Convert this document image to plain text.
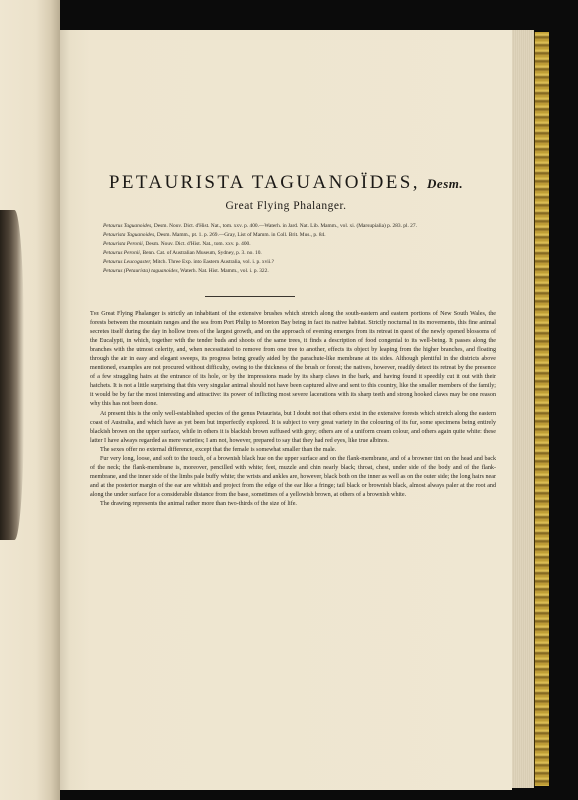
PETAURISTA TAGUANOÏDES, Desm.
Great Flying Phalanger.
Petaurus Taguanoides, Desm. Nouv. Dict. d'Hist. Nat., tom. xxv. p. 400.—Waterh. in Jard. Nat. Lib. Mamm., vol. xi. (Marsupialia) p. 283. pl. 27.
Petaurista Taguanoides, Desm. Mamm., pt. 1. p. 269.—Gray, List of Mamm. in Coll. Brit. Mus., p. 84.
Petaurista Peronii, Desm. Nouv. Dict. d'Hist. Nat., tom. xxv. p. 400.
Petaurus Peronii, Benn. Cat. of Australian Museum, Sydney, p. 3. no. 10.
Petaurus Leucogaster, Mitch. Three Exp. into Eastern Australia, vol. i. p. xvii.?
Petaurus (Petaurista) taguanoides, Waterh. Nat. Hist. Mamm., vol. i. p. 322.

The Great Flying Phalanger is strictly an inhabitant of the extensive brushes which stretch along the south-eastern and eastern portions of New South Wales, the forests between the mountain ranges and the sea from Port Philip to Moreton Bay being in fact its native habitat. Strictly nocturnal in its movements, this fine animal secretes itself during the day in hollow trees of the largest growth, and on the approach of evening emerges from its retreat in quest of the newly opened blossoms of the Eucalypti, in which, together with the tender buds and shoots of the same trees, it finds a description of food congenial to its well-being. It passes along the branches with the utmost celerity, and, when necessitated to remove from one tree to another, effects its object by leaping from the higher branches, and floating through the air in easy and elegant sweeps, its progress being greatly aided by the parachute-like membrane at its sides. Although plentiful in the districts above mentioned, examples are not procured without difficulty, owing to the thickness of the brush or forest; the natives, however, readily detect its retreat by the presence of a few straggling hairs at the entrance of its hole, or by the impressions made by its sharp claws in the bark, and having found it speedily cut it out with their hatchets. It is not a little surprising that this very singular animal should not have been captured alive and sent to this country, like the smaller members of the family; it would be by far the most interesting and attractive: its power of inflicting most severe lacerations with its sharp teeth and strong hooked claws may be one reason why this has not been done.

At present this is the only well-established species of the genus Petaurista, but I doubt not that others exist in the extensive forests which stretch along the eastern coast of Australia, and which have as yet been but imperfectly explored. It is subject to very great variety in the colouring of its fur, some specimens being entirely blackish brown on the upper surface, while in others it is blackish brown suffused with grey; others are of a uniform cream colour, and others again quite white: these latter I have always regarded as mere varieties; I am not, however, prepared to say that they had red eyes, like true albinos.

The sexes offer no external difference, except that the female is somewhat smaller than the male.

Fur very long, loose, and soft to the touch, of a brownish black hue on the upper surface and on the flank-membrane, and of a browner tint on the head and back of the neck; the flank-membrane is, moreover, pencilled with white; feet, muzzle and chin nearly black; throat, chest, under side of the body and of the flank-membrane, and the inner side of the limbs pale buffy white; the wrists and ankles are, however, black both on the inner as well as on the outer side; the long hairs near and at the posterior margin of the ear are whitish and project from the edge of the ear like a fringe; tail black or brownish black, almost always paler at the root and along the under surface for a considerable distance from the base, sometimes of a yellowish brown, at others of a brownish white.

The drawing represents the animal rather more than two-thirds of the size of life.
